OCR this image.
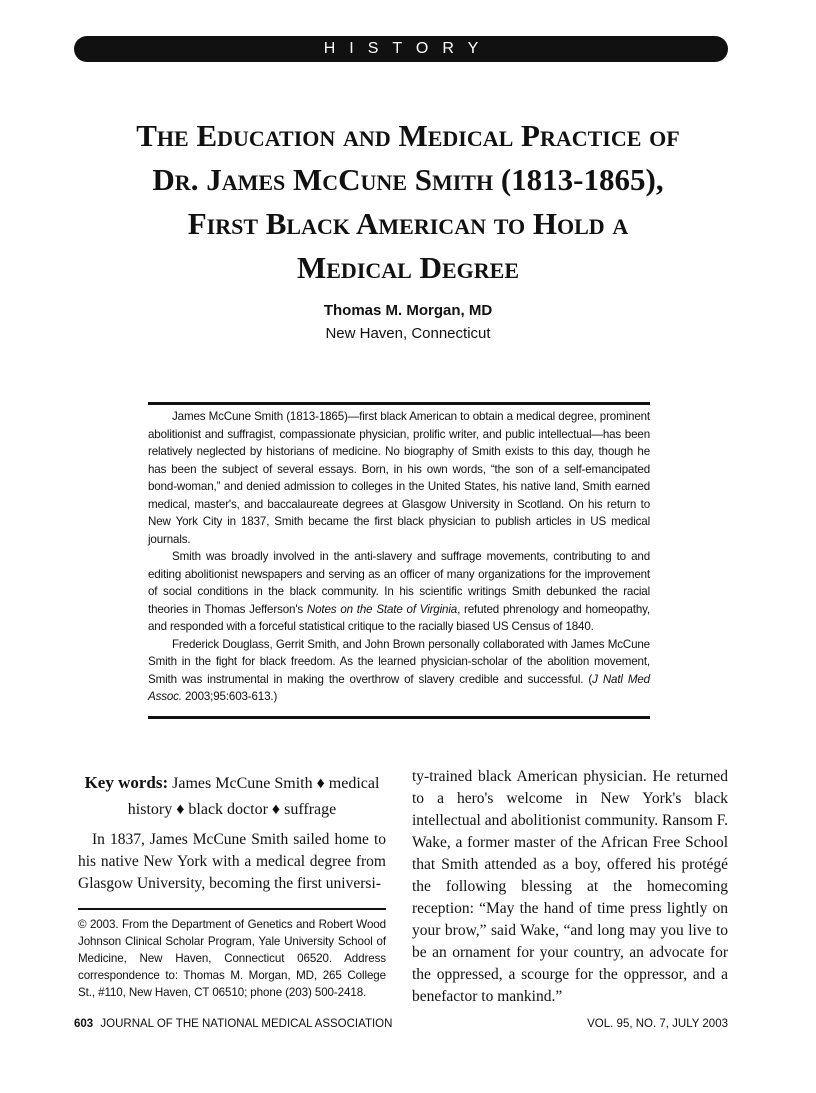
HISTORY
The Education and Medical Practice of
Dr. James McCune Smith (1813-1865),
First Black American to Hold a
Medical Degree
Thomas M. Morgan, MD
New Haven, Connecticut

James McCune Smith (1813-1865)—first black American to obtain a medical degree, prominent abolitionist and suffragist, compassionate physician, prolific writer, and public intellectual—has been relatively neglected by historians of medicine. No biography of Smith exists to this day, though he has been the subject of several essays. Born, in his own words, “the son of a self-emancipated bond-woman,” and denied admission to colleges in the United States, his native land, Smith earned medical, master's, and baccalaureate degrees at Glasgow University in Scotland. On his return to New York City in 1837, Smith became the first black physician to publish articles in US medical journals.

Smith was broadly involved in the anti-slavery and suffrage movements, contributing to and editing abolitionist newspapers and serving as an officer of many organizations for the improvement of social conditions in the black community. In his scientific writings Smith debunked the racial theories in Thomas Jefferson's Notes on the State of Virginia, refuted phrenology and homeopathy, and responded with a forceful statistical critique to the racially biased US Census of 1840.

Frederick Douglass, Gerrit Smith, and John Brown personally collaborated with James McCune Smith in the fight for black freedom. As the learned physician-scholar of the abolition movement, Smith was instrumental in making the overthrow of slavery credible and successful. (J Natl Med Assoc. 2003;95:603-613.)

Key words: James McCune Smith ♦ medical history ♦ black doctor ♦ suffrage

In 1837, James McCune Smith sailed home to his native New York with a medical degree from Glasgow University, becoming the first universi-

© 2003. From the Department of Genetics and Robert Wood Johnson Clinical Scholar Program, Yale University School of Medicine, New Haven, Connecticut 06520. Address correspondence to: Thomas M. Morgan, MD, 265 College St., #110, New Haven, CT 06510; phone (203) 500-2418.

ty-trained black American physician. He returned to a hero's welcome in New York's black intellectual and abolitionist community. Ransom F. Wake, a former master of the African Free School that Smith attended as a boy, offered his protégé the following blessing at the homecoming reception: “May the hand of time press lightly on your brow,” said Wake, “and long may you live to be an ornament for your country, an advocate for the oppressed, a scourge for the oppressor, and a benefactor to mankind.”

603 JOURNAL OF THE NATIONAL MEDICAL ASSOCIATION	VOL. 95, NO. 7, JULY 2003
